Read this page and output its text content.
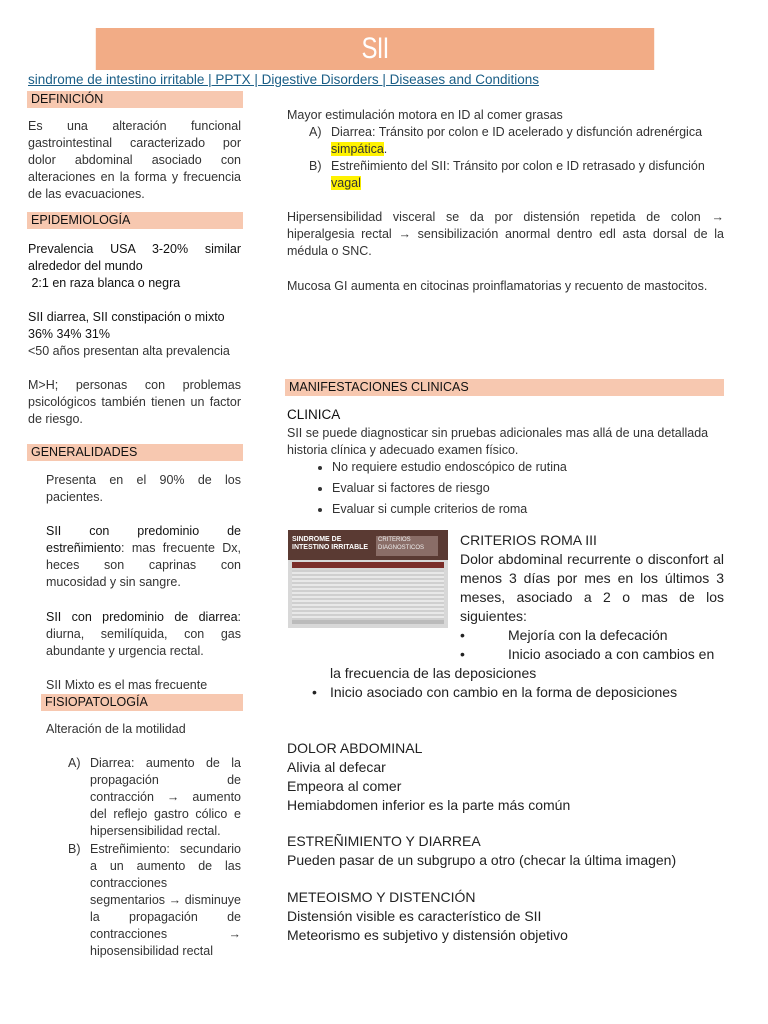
SII
sindrome de intestino irritable | PPTX | Digestive Disorders | Diseases and Conditions
DEFINICIÓN
Es una alteración funcional gastrointestinal caracterizado por dolor abdominal asociado con alteraciones en la forma y frecuencia de las evacuaciones.
EPIDEMIOLOGÍA
Prevalencia USA 3-20% similar alrededor del mundo
2:1 en raza blanca o negra
SII diarrea, SII constipación o mixto 36% 34% 31%
<50 años presentan alta prevalencia
M>H; personas con problemas psicológicos también tienen un factor de riesgo.
GENERALIDADES
Presenta en el 90% de los pacientes.
SII con predominio de estreñimiento: mas frecuente Dx, heces son caprinas con mucosidad y sin sangre.
SII con predominio de diarrea: diurna, semilíquida, con gas abundante y urgencia rectal.
SII Mixto es el mas frecuente
FISIOPATOLOGÍA
Alteración de la motilidad
A) Diarrea: aumento de la propagación de contracción → aumento del reflejo gastro cólico e hipersensibilidad rectal.
B) Estreñimiento: secundario a un aumento de las contracciones segmentarios → disminuye la propagación de contracciones → hiposensibilidad rectal
Mayor estimulación motora en ID al comer grasas
A) Diarrea: Tránsito por colon e ID acelerado y disfunción adrenérgica simpática.
B) Estreñimiento del SII: Tránsito por colon e ID retrasado y disfunción vagal
Hipersensibilidad visceral se da por distensión repetida de colon → hiperalgesia rectal → sensibilización anormal dentro edl asta dorsal de la médula o SNC.
Mucosa GI aumenta en citocinas proinflamatorias y recuento de mastocitos.
MANIFESTACIONES CLINICAS
CLINICA
SII se puede diagnosticar sin pruebas adicionales mas allá de una detallada historia clínica y adecuado examen físico.
• No requiere estudio endoscópico de rutina
• Evaluar si factores de riesgo
• Evaluar si cumple criterios de roma
SINDROME DE INTESTINO IRRITABLE
CRITERIOS DIAGNOSTICOS	CRITERIOS ROMA III
Dolor abdominal recurrente o disconfort al menos 3 días por mes en los últimos 3 meses, asociado a 2 o mas de los siguientes:
•	Mejoría con la defecación
•	Inicio asociado a con cambios en la frecuencia de las deposiciones
• Inicio asociado con cambio en la forma de deposiciones
DOLOR ABDOMINAL
Alivia al defecar
Empeora al comer
Hemiabdomen inferior es la parte más común
ESTREÑIMIENTO Y DIARREA
Pueden pasar de un subgrupo a otro (checar la última imagen)
METEOISMO Y DISTENCIÓN
Distensión visible es característico de SII
Meteorismo es subjetivo y distensión objetivo
